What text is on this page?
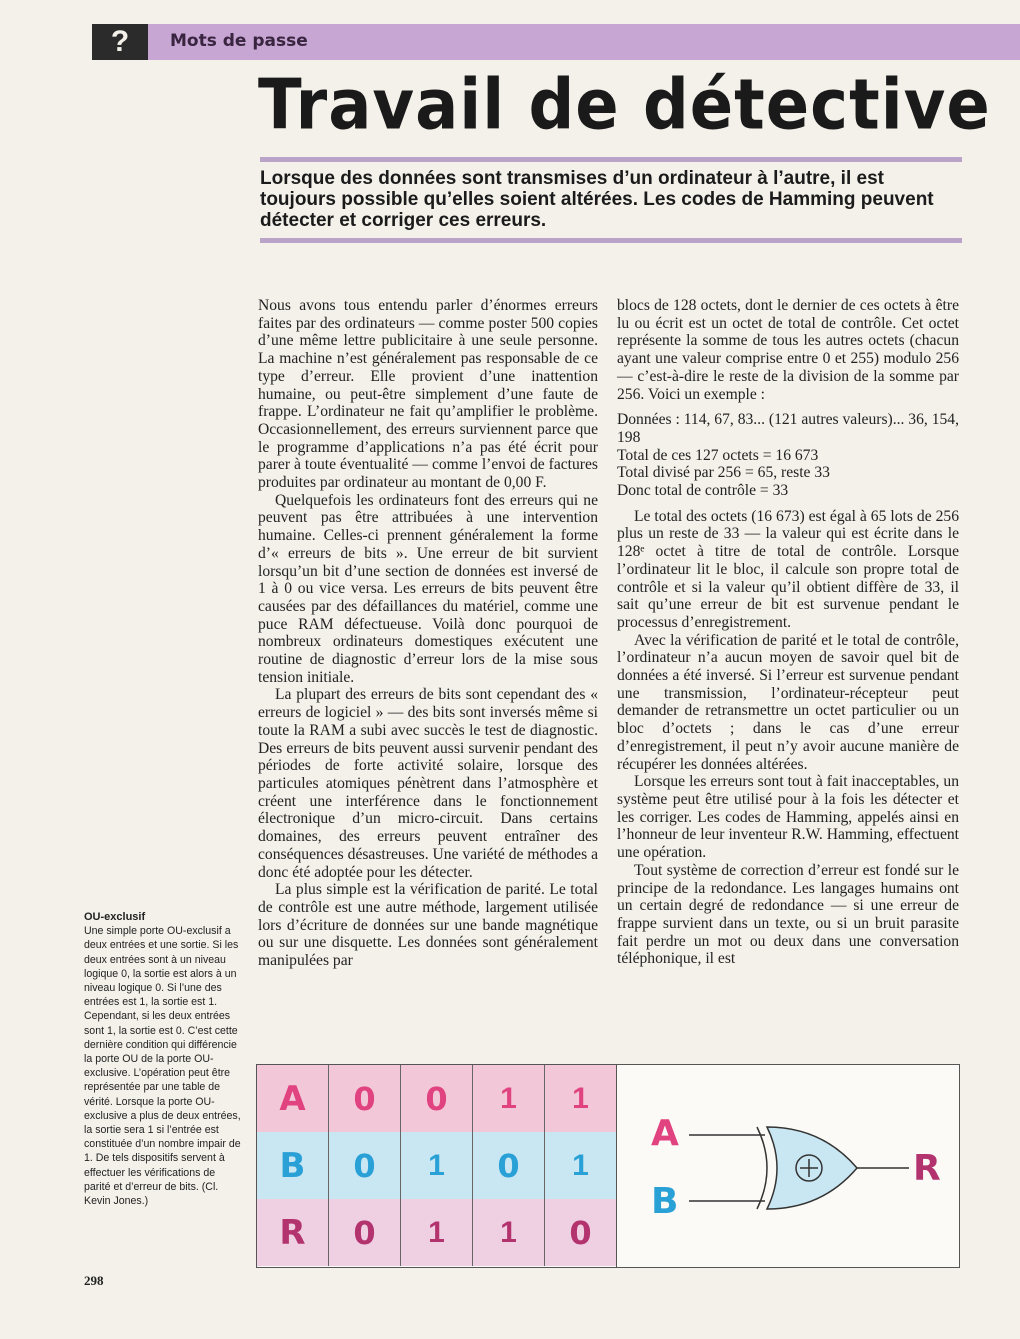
?	Mots de passe
Travail de détective

Lorsque des données sont transmises d’un ordinateur à l’autre, il est toujours possible qu’elles soient altérées. Les codes de Hamming peuvent détecter et corriger ces erreurs.

Nous avons tous entendu parler d’énormes erreurs faites par des ordinateurs — comme poster 500 copies d’une même lettre publicitaire à une seule personne. La machine n’est généralement pas responsable de ce type d’erreur. Elle provient d’une inattention humaine, ou peut-être simplement d’une faute de frappe. L’ordinateur ne fait qu’amplifier le problème. Occasionnellement, des erreurs surviennent parce que le programme d’applications n’a pas été écrit pour parer à toute éventualité — comme l’envoi de factures produites par ordinateur au montant de 0,00 F.

Quelquefois les ordinateurs font des erreurs qui ne peuvent pas être attribuées à une intervention humaine. Celles-ci prennent généralement la forme d’« erreurs de bits ». Une erreur de bit survient lorsqu’un bit d’une section de données est inversé de 1 à 0 ou vice versa. Les erreurs de bits peuvent être causées par des défaillances du matériel, comme une puce RAM défectueuse. Voilà donc pourquoi de nombreux ordinateurs domestiques exécutent une routine de diagnostic d’erreur lors de la mise sous tension initiale.

La plupart des erreurs de bits sont cependant des « erreurs de logiciel » — des bits sont inversés même si toute la RAM a subi avec succès le test de diagnostic. Des erreurs de bits peuvent aussi survenir pendant des périodes de forte activité solaire, lorsque des particules atomiques pénètrent dans l’atmosphère et créent une interférence dans le fonctionnement électronique d’un micro-circuit. Dans certains domaines, des erreurs peuvent entraîner des conséquences désastreuses. Une variété de méthodes a donc été adoptée pour les détecter.

La plus simple est la vérification de parité. Le total de contrôle est une autre méthode, largement utilisée lors d’écriture de données sur une bande magnétique ou sur une disquette. Les données sont généralement manipulées par

blocs de 128 octets, dont le dernier de ces octets à être lu ou écrit est un octet de total de contrôle. Cet octet représente la somme de tous les autres octets (chacun ayant une valeur comprise entre 0 et 255) modulo 256 — c’est-à-dire le reste de la division de la somme par 256. Voici un exemple :

Données : 114, 67, 83... (121 autres valeurs)... 36, 154, 198
Total de ces 127 octets = 16 673
Total divisé par 256 = 65, reste 33
Donc total de contrôle = 33

Le total des octets (16 673) est égal à 65 lots de 256 plus un reste de 33 — la valeur qui est écrite dans le 128ᵉ octet à titre de total de contrôle. Lorsque l’ordinateur lit le bloc, il calcule son propre total de contrôle et si la valeur qu’il obtient diffère de 33, il sait qu’une erreur de bit est survenue pendant le processus d’enregistrement.

Avec la vérification de parité et le total de contrôle, l’ordinateur n’a aucun moyen de savoir quel bit de données a été inversé. Si l’erreur est survenue pendant une transmission, l’ordinateur-récepteur peut demander de retransmettre un octet particulier ou un bloc d’octets ; dans le cas d’une erreur d’enregistrement, il peut n’y avoir aucune manière de récupérer les données altérées.

Lorsque les erreurs sont tout à fait inacceptables, un système peut être utilisé pour à la fois les détecter et les corriger. Les codes de Hamming, appelés ainsi en l’honneur de leur inventeur R.W. Hamming, effectuent une opération.

Tout système de correction d’erreur est fondé sur le principe de la redondance. Les langages humains ont un certain degré de redondance — si une erreur de frappe survient dans un texte, ou si un bruit parasite fait perdre un mot ou deux dans une conversation téléphonique, il est

OU-exclusif
Une simple porte OU-exclusif a deux entrées et une sortie. Si les deux entrées sont à un niveau logique 0, la sortie est alors à un niveau logique 0. Si l’une des entrées est 1, la sortie est 1. Cependant, si les deux entrées sont 1, la sortie est 0. C’est cette dernière condition qui différencie la porte OU de la porte OU-exclusive. L’opération peut être représentée par une table de vérité. Lorsque la porte OU-exclusive a plus de deux entrées, la sortie sera 1 si l’entrée est constituée d’un nombre impair de 1. De tels dispositifs servent à effectuer les vérifications de parité et d’erreur de bits. (Cl. Kevin Jones.)
298
A	0	0	1	1
B	0	1	0	1
R	0	1	1	0
A
B
R
